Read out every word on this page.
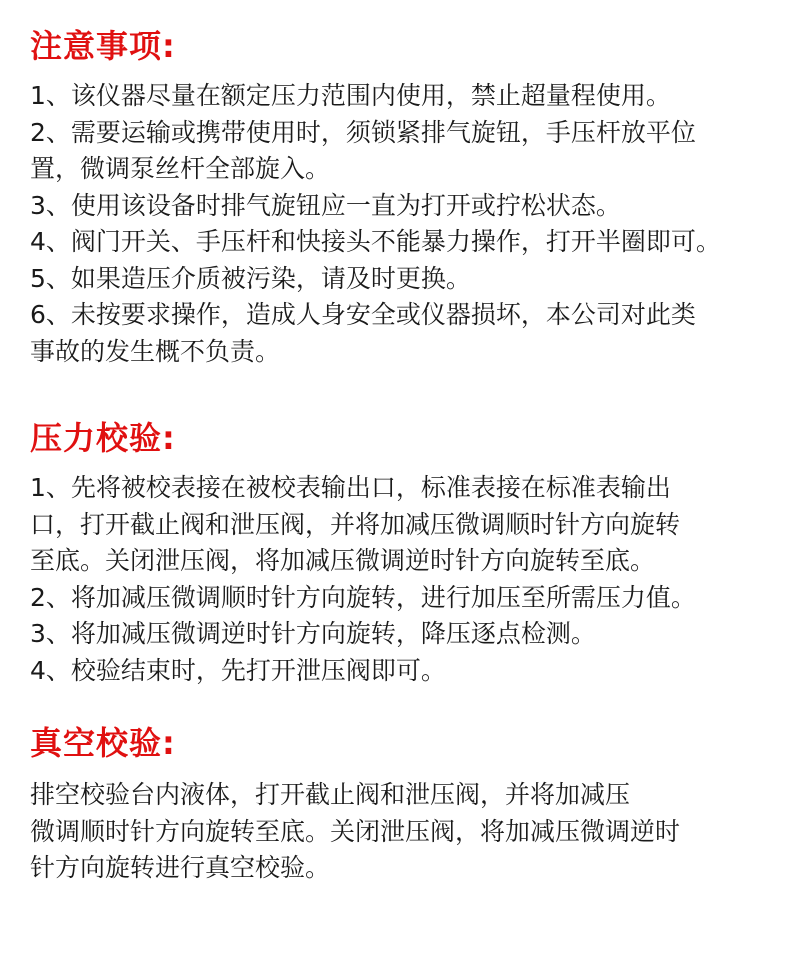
注意事项:
1、该仪器尽量在额定压力范围内使用，禁止超量程使用。
2、需要运输或携带使用时，须锁紧排气旋钮，手压杆放平位
置，微调泵丝杆全部旋入。
3、使用该设备时排气旋钮应一直为打开或拧松状态。
4、阀门开关、手压杆和快接头不能暴力操作，打开半圈即可。
5、如果造压介质被污染，请及时更换。
6、未按要求操作，造成人身安全或仪器损坏，本公司对此类
事故的发生概不负责。
压力校验:
1、先将被校表接在被校表输出口，标准表接在标准表输出
口，打开截止阀和泄压阀，并将加减压微调顺时针方向旋转
至底。关闭泄压阀，将加减压微调逆时针方向旋转至底。
2、将加减压微调顺时针方向旋转，进行加压至所需压力值。
3、将加减压微调逆时针方向旋转，降压逐点检测。
4、校验结束时，先打开泄压阀即可。
真空校验:
排空校验台内液体，打开截止阀和泄压阀，并将加减压
微调顺时针方向旋转至底。关闭泄压阀，将加减压微调逆时
针方向旋转进行真空校验。
